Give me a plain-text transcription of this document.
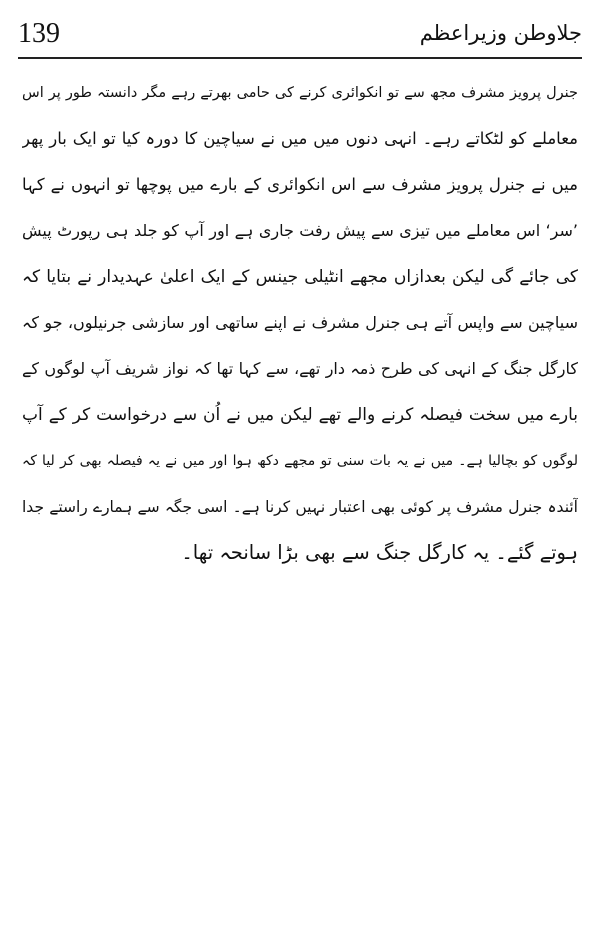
139	جلاوطن وزیراعظم
جنرل پرویز مشرف مجھ سے تو انکوائری کرنے کی حامی بھرتے رہے مگر دانستہ طور پر اس
معاملے کو لٹکاتے رہے۔ انہی دنوں میں میں نے سیاچین کا دورہ کیا تو ایک بار پھر
میں نے جنرل پرویز مشرف سے اس انکوائری کے بارے میں پوچھا تو انہوں نے کہا
’سر‘ اس معاملے میں تیزی سے پیش رفت جاری ہے اور آپ کو جلد ہی رپورٹ پیش
کی جائے گی لیکن بعدازاں مجھے انٹیلی جینس کے ایک اعلیٰ عہدیدار نے بتایا کہ
سیاچین سے واپس آتے ہی جنرل مشرف نے اپنے ساتھی اور سازشی جرنیلوں، جو کہ
کارگل جنگ کے انہی کی طرح ذمہ دار تھے، سے کہا تھا کہ نواز شریف آپ لوگوں کے
بارے میں سخت فیصلہ کرنے والے تھے لیکن میں نے اُن سے درخواست کر کے آپ
لوگوں کو بچالیا ہے۔ میں نے یہ بات سنی تو مجھے دکھ ہوا اور میں نے یہ فیصلہ بھی کر لیا کہ
آئندہ جنرل مشرف پر کوئی بھی اعتبار نہیں کرنا ہے۔ اسی جگہ سے ہمارے راستے جدا
ہوتے گئے۔ یہ کارگل جنگ سے بھی بڑا سانحہ تھا۔
